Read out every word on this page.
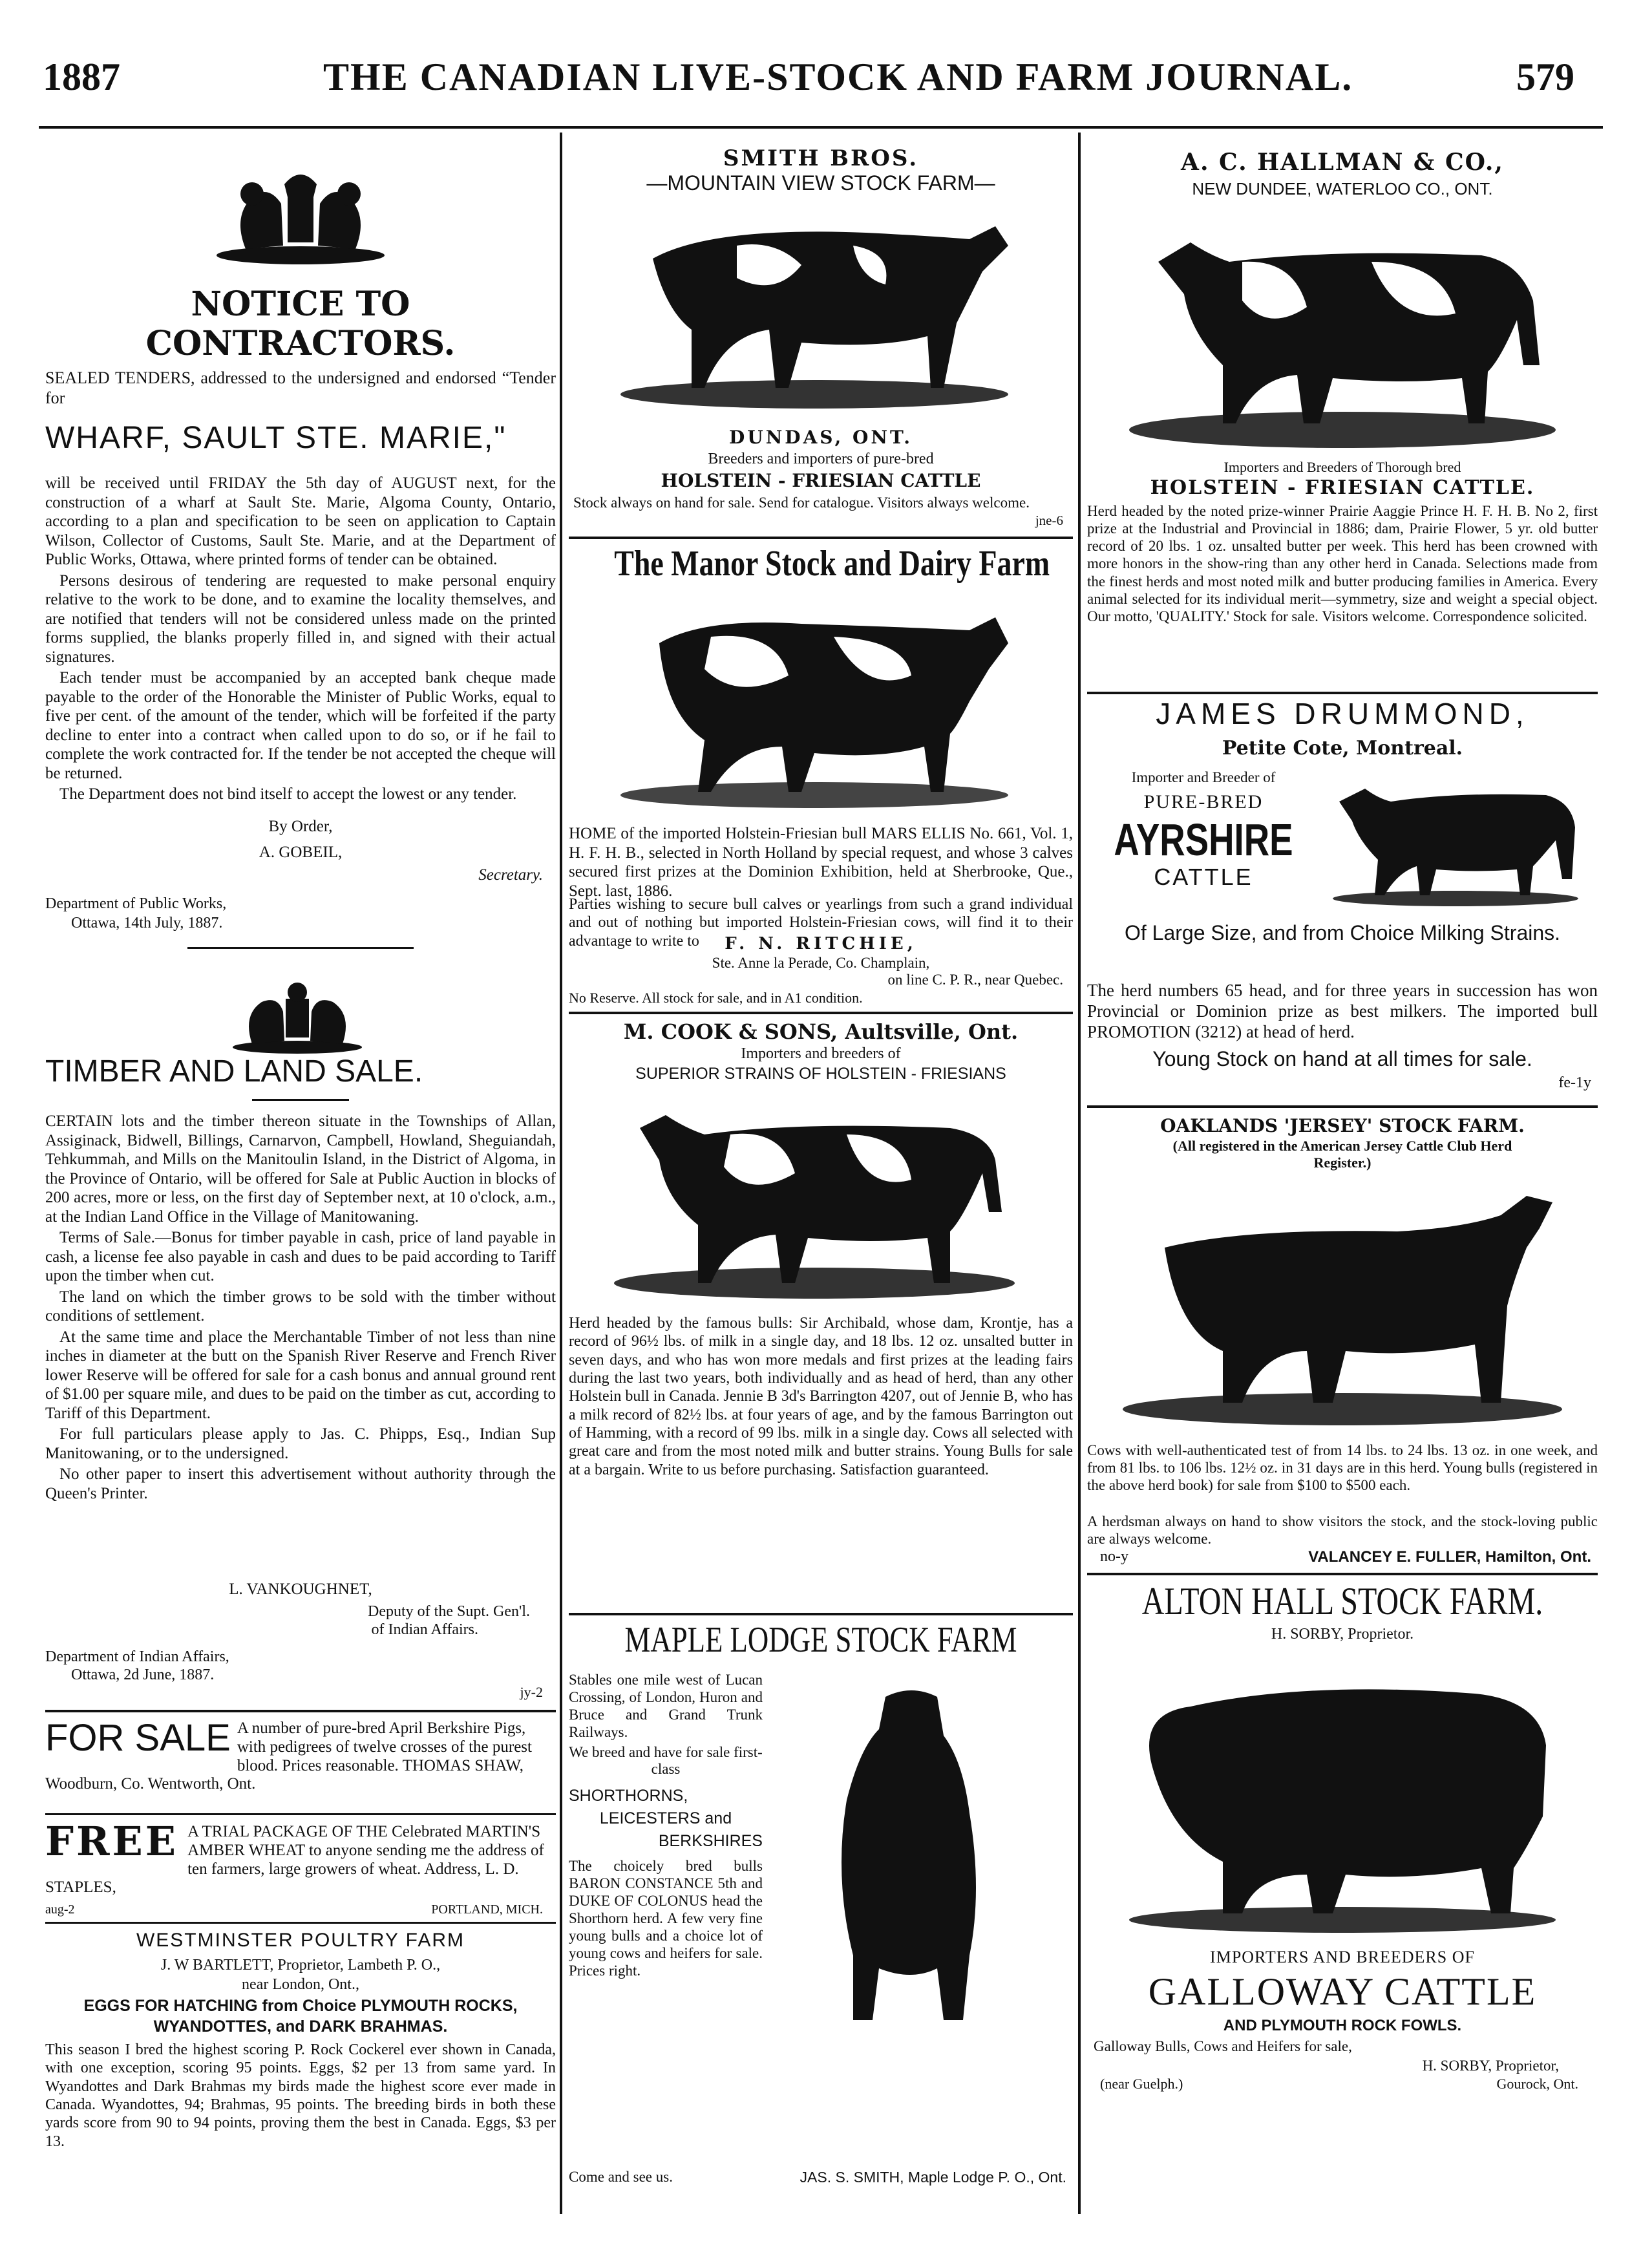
1887	THE CANADIAN LIVE-STOCK AND FARM JOURNAL.	579
NOTICE TO CONTRACTORS.
SEALED TENDERS, addressed to the undersigned and endorsed “Tender for
WHARF, SAULT STE. MARIE,"

will be received until FRIDAY the 5th day of AUGUST next, for the construction of a wharf at Sault Ste. Marie, Algoma County, Ontario, according to a plan and specification to be seen on application to Captain Wilson, Collector of Customs, Sault Ste. Marie, and at the Department of Public Works, Ottawa, where printed forms of tender can be obtained.

Persons desirous of tendering are requested to make personal enquiry relative to the work to be done, and to examine the locality themselves, and are notified that tenders will not be considered unless made on the printed forms supplied, the blanks properly filled in, and signed with their actual signatures.

Each tender must be accompanied by an accepted bank cheque made payable to the order of the Honorable the Minister of Public Works, equal to five per cent. of the amount of the tender, which will be forfeited if the party decline to enter into a contract when called upon to do so, or if he fail to complete the work contracted for. If the tender be not accepted the cheque will be returned.

The Department does not bind itself to accept the lowest or any tender.

By Order,
A. GOBEIL,
Secretary.
Department of Public Works,
Ottawa, 14th July, 1887.
TIMBER AND LAND SALE.

CERTAIN lots and the timber thereon situate in the Townships of Allan, Assiginack, Bidwell, Billings, Carnarvon, Campbell, Howland, Sheguiandah, Tehkummah, and Mills on the Manitoulin Island, in the District of Algoma, in the Province of Ontario, will be offered for Sale at Public Auction in blocks of 200 acres, more or less, on the first day of September next, at 10 o'clock, a.m., at the Indian Land Office in the Village of Manitowaning.

Terms of Sale.—Bonus for timber payable in cash, price of land payable in cash, a license fee also payable in cash and dues to be paid according to Tariff upon the timber when cut.

The land on which the timber grows to be sold with the timber without conditions of settlement.

At the same time and place the Merchantable Timber of not less than nine inches in diameter at the butt on the Spanish River Reserve and French River lower Reserve will be offered for sale for a cash bonus and annual ground rent of $1.00 per square mile, and dues to be paid on the timber as cut, according to Tariff of this Department.

For full particulars please apply to Jas. C. Phipps, Esq., Indian Sup Manitowaning, or to the undersigned.

No other paper to insert this advertisement without authority through the Queen's Printer.

L. VANKOUGHNET,
Deputy of the Supt. Gen'l.
of Indian Affairs.
Department of Indian Affairs,
Ottawa, 2d June, 1887.
jy-2
FOR SALE A number of pure-bred April Berkshire Pigs, with pedigrees of twelve crosses of the purest blood. Prices reasonable. THOMAS SHAW, Woodburn, Co. Wentworth, Ont.
FREE A TRIAL PACKAGE OF THE Celebrated MARTIN'S AMBER WHEAT to anyone sending me the address of ten farmers, large growers of wheat. Address, L. D. STAPLES,
aug-2	PORTLAND, MICH.
WESTMINSTER POULTRY FARM
J. W BARTLETT, Proprietor, Lambeth P. O.,
near London, Ont.,
EGGS FOR HATCHING from Choice PLYMOUTH ROCKS,
WYANDOTTES, and DARK BRAHMAS.
This season I bred the highest scoring P. Rock Cockerel ever shown in Canada, with one exception, scoring 95 points. Eggs, $2 per 13 from same yard. In Wyandottes and Dark Brahmas my birds made the highest score ever made in Canada. Wyandottes, 94; Brahmas, 95 points. The breeding birds in both these yards score from 90 to 94 points, proving them the best in Canada. Eggs, $3 per 13.
SMITH BROS.
—MOUNTAIN VIEW STOCK FARM—
DUNDAS, ONT.
Breeders and importers of pure-bred
HOLSTEIN - FRIESIAN CATTLE
Stock always on hand for sale. Send for catalogue. Visitors always welcome.
jne-6
The Manor Stock and Dairy Farm
HOME of the imported Holstein-Friesian bull MARS ELLIS No. 661, Vol. 1, H. F. H. B., selected in North Holland by special request, and whose 3 calves secured first prizes at the Dominion Exhibition, held at Sherbrooke, Que., Sept. last, 1886.
Parties wishing to secure bull calves or yearlings from such a grand individual and out of nothing but imported Holstein-Friesian cows, will find it to their advantage to write to	F. N. RITCHIE,
Ste. Anne la Perade, Co. Champlain,
on line C. P. R., near Quebec.
No Reserve. All stock for sale, and in A1 condition.
M. COOK & SONS, Aultsville, Ont.
Importers and breeders of
SUPERIOR STRAINS OF HOLSTEIN - FRIESIANS
Herd headed by the famous bulls: Sir Archibald, whose dam, Krontje, has a record of 96½ lbs. of milk in a single day, and 18 lbs. 12 oz. unsalted butter in seven days, and who has won more medals and first prizes at the leading fairs during the last two years, both individually and as head of herd, than any other Holstein bull in Canada. Jennie B 3d's Barrington 4207, out of Jennie B, who has a milk record of 82½ lbs. at four years of age, and by the famous Barrington out of Hamming, with a record of 99 lbs. milk in a single day. Cows all selected with great care and from the most noted milk and butter strains. Young Bulls for sale at a bargain. Write to us before purchasing. Satisfaction guaranteed.
MAPLE LODGE STOCK FARM
Stables one mile west of Lucan Crossing, of London, Huron and Bruce and Grand Trunk Railways.
We breed and have for sale first-class
SHORTHORNS,
LEICESTERS and
BERKSHIRES
The choicely bred bulls BARON CONSTANCE 5th and DUKE OF COLONUS head the Shorthorn herd. A few very fine young bulls and a choice lot of young cows and heifers for sale. Prices right.
Come and see us.	JAS. S. SMITH, Maple Lodge P. O., Ont.
A. C. HALLMAN & CO.,
NEW DUNDEE, WATERLOO CO., ONT.
Importers and Breeders of Thorough bred
HOLSTEIN - FRIESIAN CATTLE.
Herd headed by the noted prize-winner Prairie Aaggie Prince H. F. H. B. No 2, first prize at the Industrial and Provincial in 1886; dam, Prairie Flower, 5 yr. old butter record of 20 lbs. 1 oz. unsalted butter per week. This herd has been crowned with more honors in the show-ring than any other herd in Canada. Selections made from the finest herds and most noted milk and butter producing families in America. Every animal selected for its individual merit—symmetry, size and weight a special object. Our motto, 'QUALITY.' Stock for sale. Visitors welcome. Correspondence solicited.
JAMES DRUMMOND,
Petite Cote, Montreal.
Importer and Breeder of
PURE-BRED
AYRSHIRE
CATTLE
Of Large Size, and from Choice Milking Strains.
The herd numbers 65 head, and for three years in succession has won Provincial or Dominion prize as best milkers. The imported bull PROMOTION (3212) at head of herd.
Young Stock on hand at all times for sale.
fe-1y
OAKLANDS 'JERSEY' STOCK FARM.
(All registered in the American Jersey Cattle Club Herd Register.)
Cows with well-authenticated test of from 14 lbs. to 24 lbs. 13 oz. in one week, and from 81 lbs. to 106 lbs. 12½ oz. in 31 days are in this herd. Young bulls (registered in the above herd book) for sale from $100 to $500 each.
A herdsman always on hand to show visitors the stock, and the stock-loving public are always welcome.
no-y	VALANCEY E. FULLER, Hamilton, Ont.
ALTON HALL STOCK FARM.
H. SORBY, Proprietor.
IMPORTERS AND BREEDERS OF
GALLOWAY CATTLE
AND PLYMOUTH ROCK FOWLS.
Galloway Bulls, Cows and Heifers for sale,
H. SORBY, Proprietor,
(near Guelph.)	Gourock, Ont.
